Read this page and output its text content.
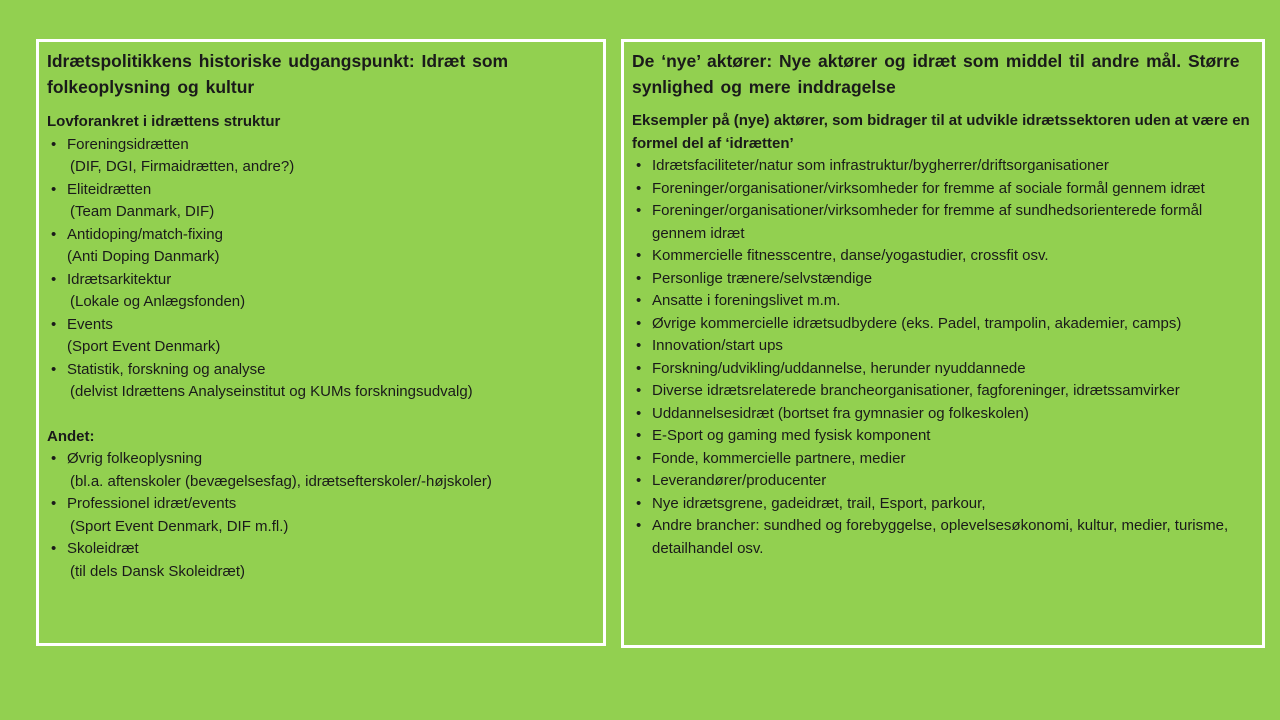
Idrætspolitikkens historiske udgangspunkt: Idræt som folkeoplysning og kultur
Lovforankret i idrættens struktur
• Foreningsidrætten
(DIF, DGI, Firmaidrætten, andre?)
• Eliteidrætten
(Team Danmark, DIF)
• Antidoping/match-fixing
(Anti Doping Danmark)
• Idrætsarkitektur
(Lokale og Anlægsfonden)
• Events
(Sport Event Denmark)
• Statistik, forskning og analyse
(delvist Idrættens Analyseinstitut og KUMs forskningsudvalg)
Andet:
• Øvrig folkeoplysning
(bl.a. aftenskoler (bevægelsesfag), idrætsefterskoler/-højskoler)
• Professionel idræt/events
(Sport Event Denmark, DIF m.fl.)
• Skoleidræt
(til dels Dansk Skoleidræt)
De ‘nye’ aktører: Nye aktører og idræt som middel til andre mål. Større synlighed og mere inddragelse
Eksempler på (nye) aktører, som bidrager til at udvikle idrætssektoren uden at være en formel del af ‘idrætten’
• Idrætsfaciliteter/natur som infrastruktur/bygherrer/driftsorganisationer
• Foreninger/organisationer/virksomheder for fremme af sociale formål gennem idræt
• Foreninger/organisationer/virksomheder for fremme af sundhedsorienterede formål gennem idræt
• Kommercielle fitnesscentre, danse/yogastudier, crossfit osv.
• Personlige trænere/selvstændige
• Ansatte i foreningslivet m.m.
• Øvrige kommercielle idrætsudbydere (eks. Padel, trampolin, akademier, camps)
• Innovation/start ups
• Forskning/udvikling/uddannelse, herunder nyuddannede
• Diverse idrætsrelaterede brancheorganisationer, fagforeninger, idrætssamvirker
• Uddannelsesidræt (bortset fra gymnasier og folkeskolen)
• E-Sport og gaming med fysisk komponent
• Fonde, kommercielle partnere, medier
• Leverandører/producenter
• Nye idrætsgrene, gadeidræt, trail, Esport, parkour,
• Andre brancher: sundhed og forebyggelse, oplevelsesøkonomi, kultur, medier, turisme, detailhandel osv.
